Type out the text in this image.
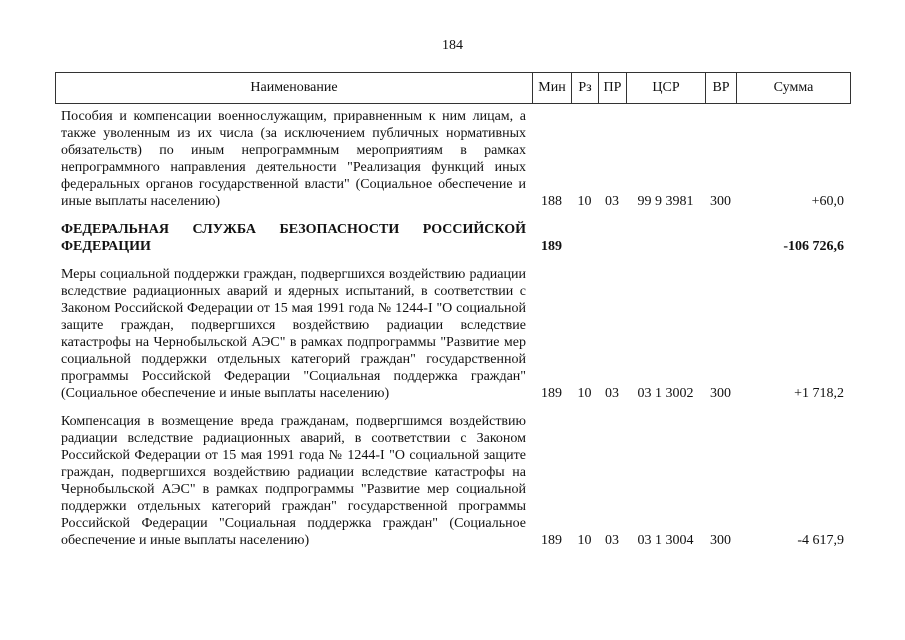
184
Наименование	Мин	Рз	ПР	ЦСР	ВР	Сумма
Пособия и компенсации военнослужащим, приравненным к ним лицам, а также уволенным из их числа (за исключением публичных нормативных обязательств) по иным непрограммным мероприятиям в рамках непрограммного направления деятельности "Реализация функций иных федеральных органов государственной власти" (Социальное обеспечение и иные выплаты населению)	188	10	03	99 9 3981	300	+60,0

ФЕДЕРАЛЬНАЯ СЛУЖБА БЕЗОПАСНОСТИ РОССИЙСКОЙ ФЕДЕРАЦИИ	189					-106 726,6

Меры социальной поддержки граждан, подвергшихся воздействию радиации вследствие радиационных аварий и ядерных испытаний, в соответствии с Законом Российской Федерации от 15 мая 1991 года № 1244-I "О социальной защите граждан, подвергшихся воздействию радиации вследствие катастрофы на Чернобыльской АЭС" в рамках подпрограммы "Развитие мер социальной поддержки отдельных категорий граждан" государственной программы Российской Федерации "Социальная поддержка граждан" (Социальное обеспечение и иные выплаты населению)	189	10	03	03 1 3002	300	+1 718,2

Компенсация в возмещение вреда гражданам, подвергшимся воздействию радиации вследствие радиационных аварий, в соответствии с Законом Российской Федерации от 15 мая 1991 года № 1244-I "О социальной защите граждан, подвергшихся воздействию радиации вследствие катастрофы на Чернобыльской АЭС" в рамках подпрограммы "Развитие мер социальной поддержки отдельных категорий граждан" государственной программы Российской Федерации "Социальная поддержка граждан" (Социальное обеспечение и иные выплаты населению)	189	10	03	03 1 3004	300	-4 617,9
